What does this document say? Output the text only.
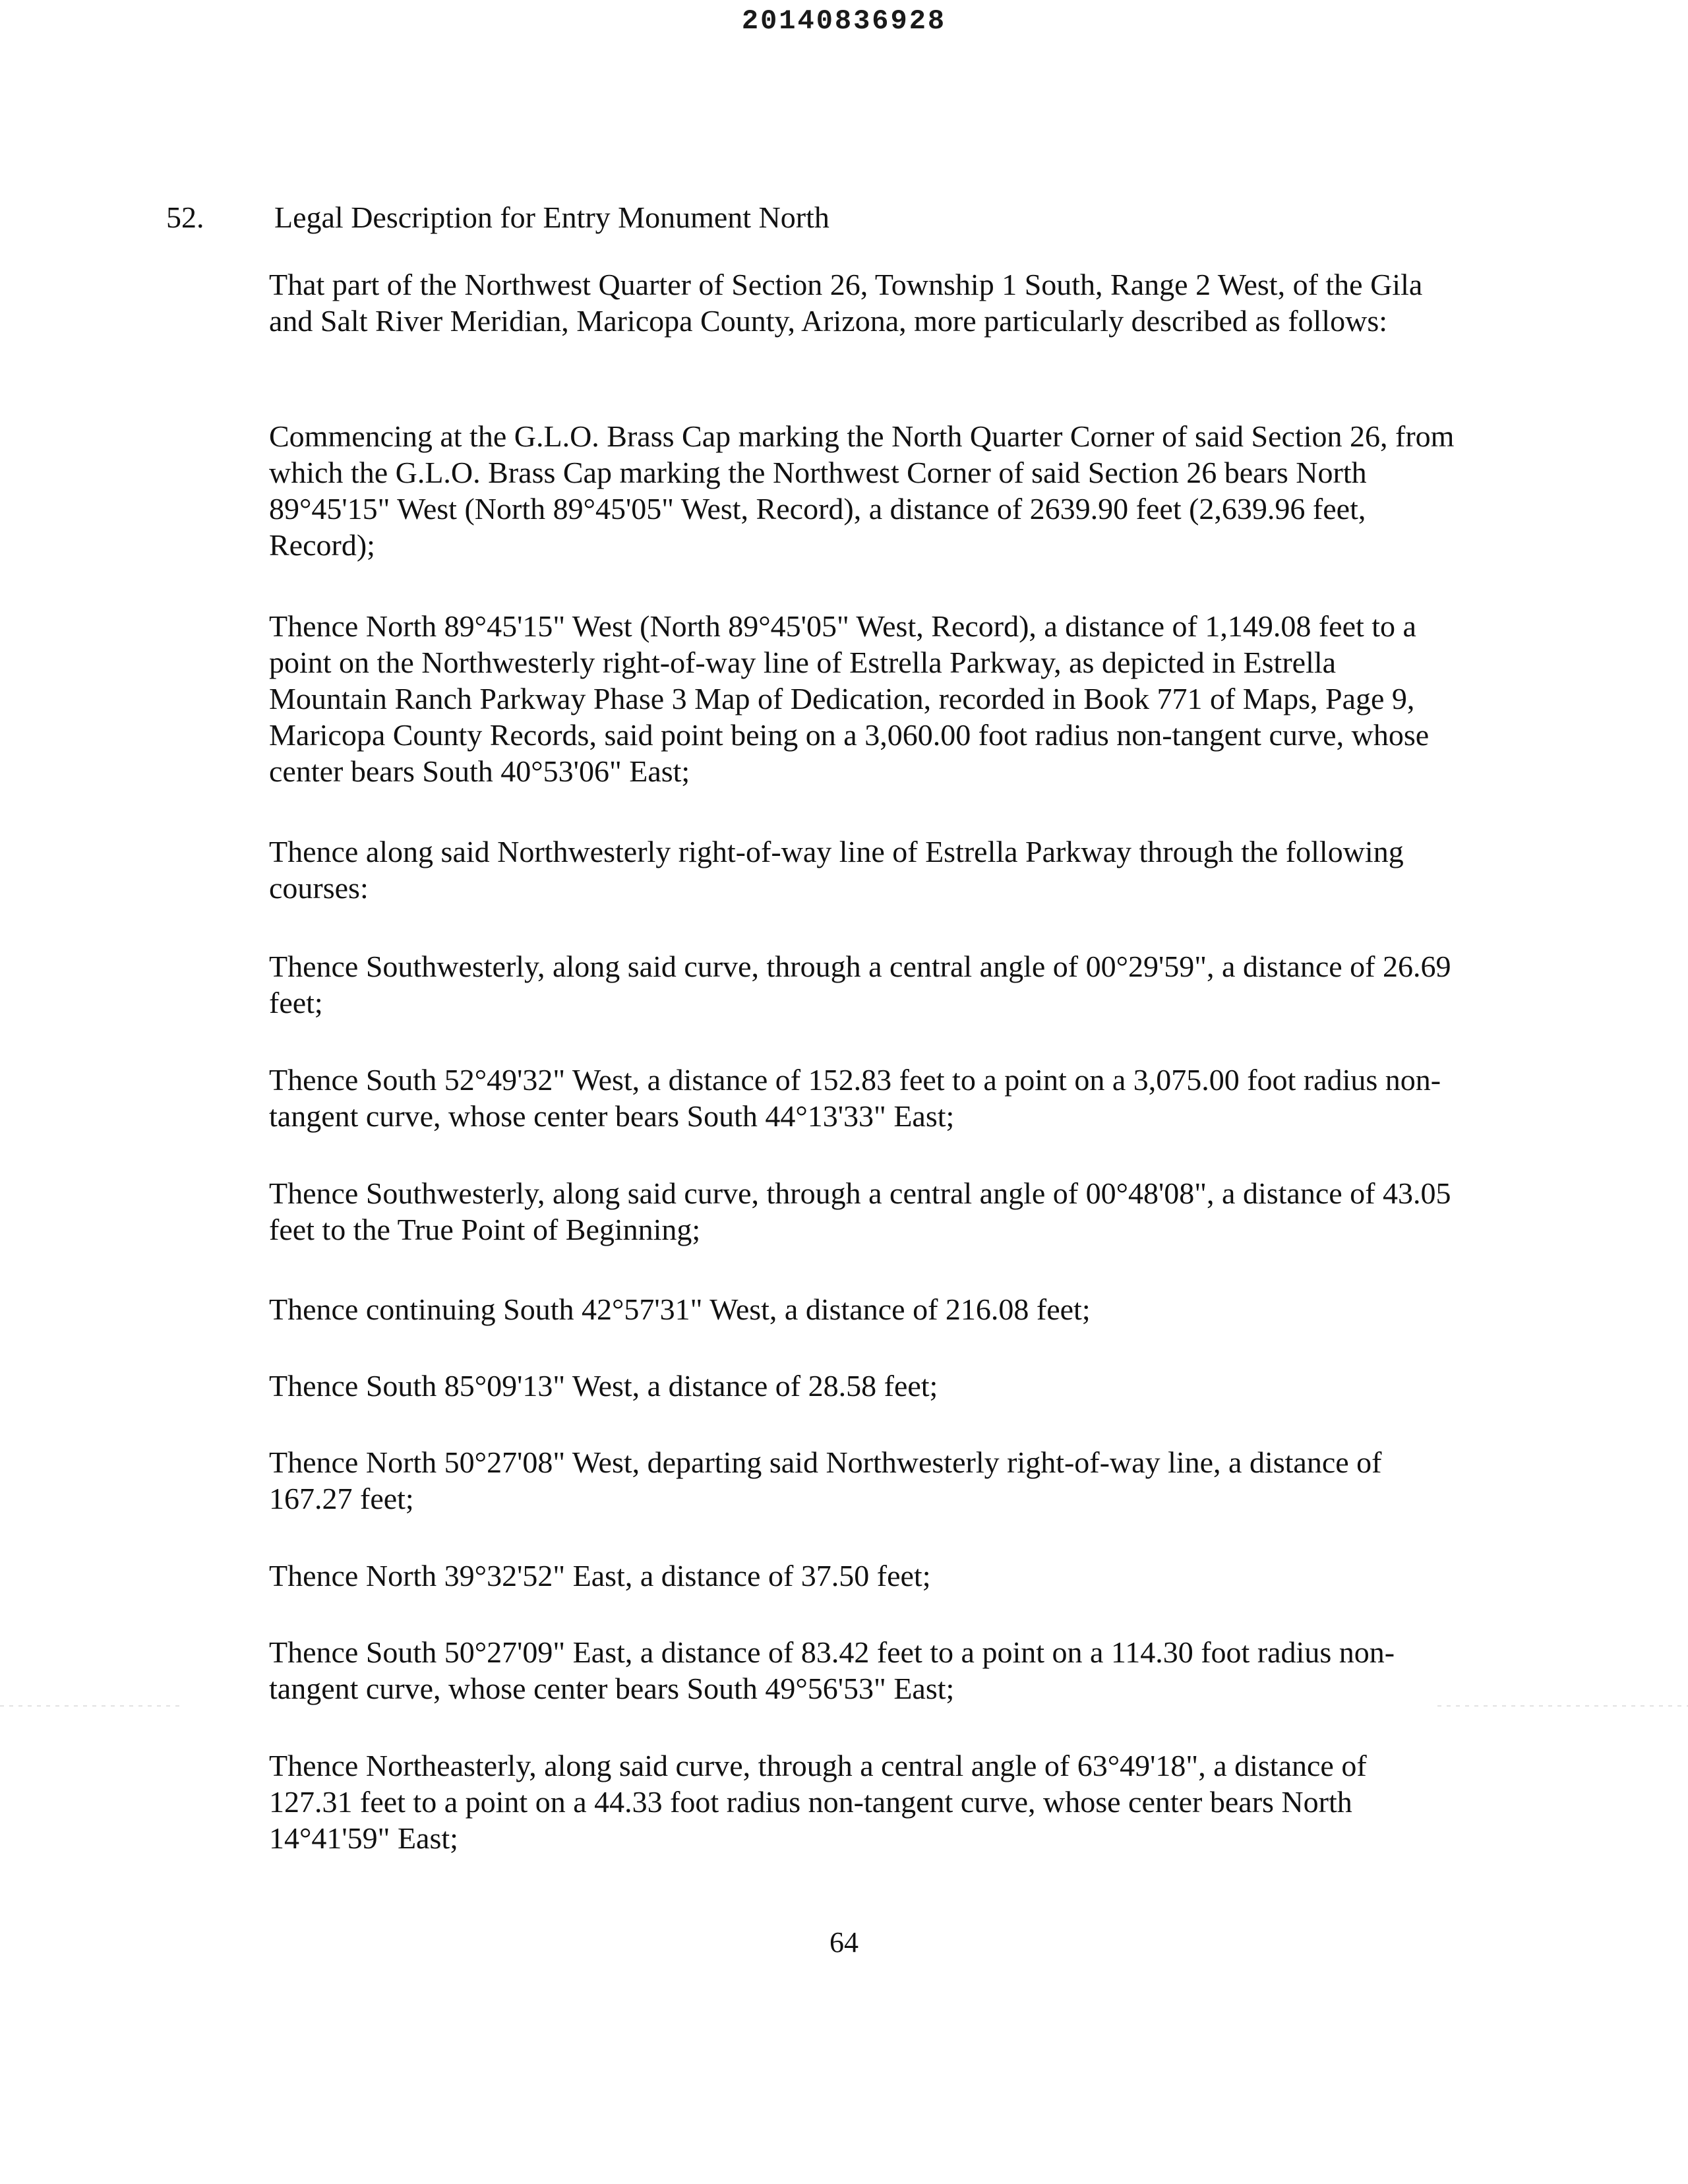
20140836928
52. Legal Description for Entry Monument North

That part of the Northwest Quarter of Section 26, Township 1 South, Range 2 West, of the Gila and Salt River Meridian, Maricopa County, Arizona, more particularly described as follows:

Commencing at the G.L.O. Brass Cap marking the North Quarter Corner of said Section 26, from which the G.L.O. Brass Cap marking the Northwest Corner of said Section 26 bears North 89°45'15" West (North 89°45'05" West, Record), a distance of 2639.90 feet (2,639.96 feet, Record);

Thence North 89°45'15" West (North 89°45'05" West, Record), a distance of 1,149.08 feet to a point on the Northwesterly right-of-way line of Estrella Parkway, as depicted in Estrella Mountain Ranch Parkway Phase 3 Map of Dedication, recorded in Book 771 of Maps, Page 9, Maricopa County Records, said point being on a 3,060.00 foot radius non-tangent curve, whose center bears South 40°53'06" East;

Thence along said Northwesterly right-of-way line of Estrella Parkway through the following courses:

Thence Southwesterly, along said curve, through a central angle of 00°29'59", a distance of 26.69 feet;

Thence South 52°49'32" West, a distance of 152.83 feet to a point on a 3,075.00 foot radius non-tangent curve, whose center bears South 44°13'33" East;

Thence Southwesterly, along said curve, through a central angle of 00°48'08", a distance of 43.05 feet to the True Point of Beginning;

Thence continuing South 42°57'31" West, a distance of 216.08 feet;

Thence South 85°09'13" West, a distance of 28.58 feet;

Thence North 50°27'08" West, departing said Northwesterly right-of-way line, a distance of 167.27 feet;

Thence North 39°32'52" East, a distance of 37.50 feet;

Thence South 50°27'09" East, a distance of 83.42 feet to a point on a 114.30 foot radius non-tangent curve, whose center bears South 49°56'53" East;

Thence Northeasterly, along said curve, through a central angle of 63°49'18", a distance of 127.31 feet to a point on a 44.33 foot radius non-tangent curve, whose center bears North 14°41'59" East;

64
